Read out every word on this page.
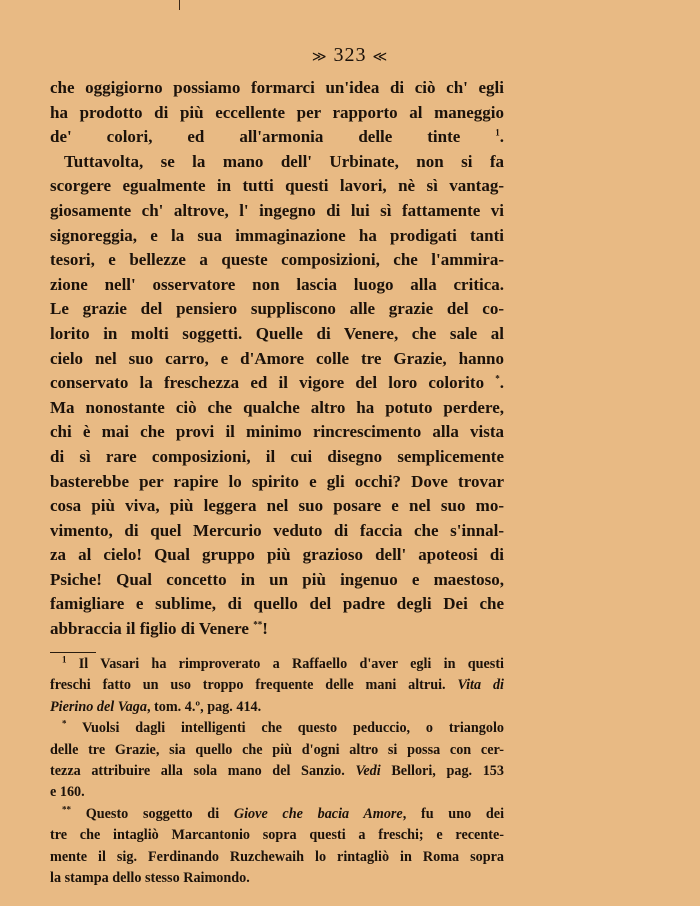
≫ 323 ≪
che oggigiorno possiamo formarci un'idea di ciò ch' egli
ha prodotto di più eccellente per rapporto al maneggio
de' colori, ed all'armonia delle tinte $^1$.
Tuttavolta, se la mano dell' Urbinate, non si fa
scorgere egualmente in tutti questi lavori, nè sì vantag-
giosamente ch' altrove, l' ingegno di lui sì fattamente vi
signoreggia, e la sua immaginazione ha prodigati tanti
tesori, e bellezze a queste composizioni, che l'ammira-
zione nell' osservatore non lascia luogo alla critica.
Le grazie del pensiero suppliscono alle grazie del co-
lorito in molti soggetti. Quelle di Venere, che sale al
cielo nel suo carro, e d'Amore colle tre Grazie, hanno
conservato la freschezza ed il vigore del loro colorito *.
Ma nonostante ciò che qualche altro ha potuto perdere,
chi è mai che provi il minimo rincrescimento alla vista
di sì rare composizioni, il cui disegno semplicemente
basterebbe per rapire lo spirito e gli occhi? Dove trovar
cosa più viva, più leggera nel suo posare e nel suo mo-
vimento, di quel Mercurio veduto di faccia che s'innal-
za al cielo! Qual gruppo più grazioso dell' apoteosi di
Psiche! Qual concetto in un più ingenuo e maestoso,
famigliare e sublime, di quello del padre degli Dei che
abbraccia il figlio di Venere **!
$^1$ Il Vasari ha rimproverato a Raffaello d'aver egli in questi
freschi fatto un uso troppo frequente delle mani altrui. Vita di
Pierino del Vaga, tom. 4.º, pag. 414.
* Vuolsi dagli intelligenti che questo peduccio, o triangolo
delle tre Grazie, sia quello che più d'ogni altro si possa con cer-
tezza attribuire alla sola mano del Sanzio. Vedi Bellori, pag. 153
e 160.
** Questo soggetto di Giove che bacia Amore, fu uno dei
tre che intagliò Marcantonio sopra questi a freschi; e recente-
mente il sig. Ferdinando Ruzchewaih lo rintagliò in Roma sopra
la stampa dello stesso Raimondo.
